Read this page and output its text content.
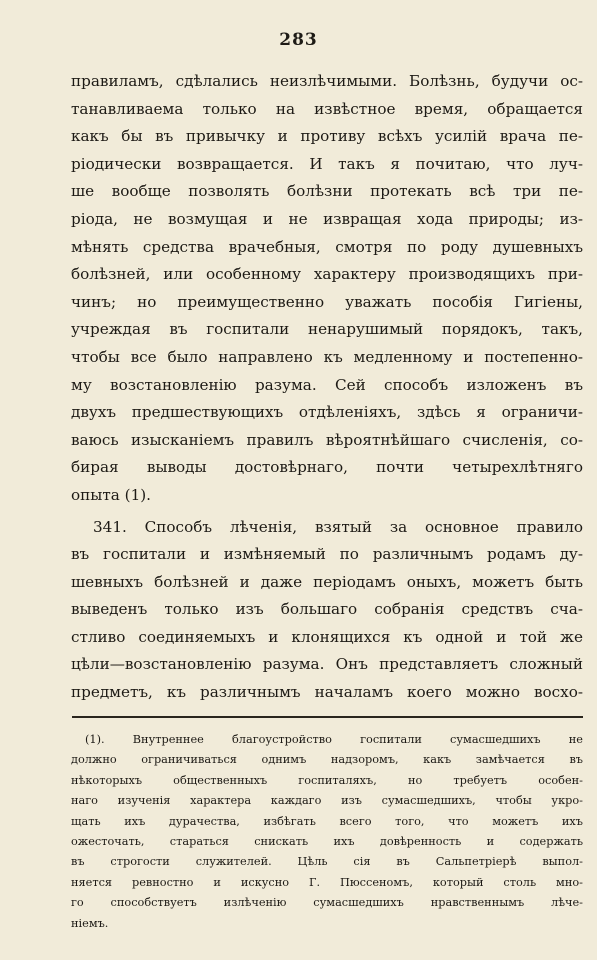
283
правиламъ, сдѣлались неизлѣчимыми. Болѣзнь, будучи ос-
танавливаема только на извѣстное время, обращается
какъ бы въ привычку и противу всѣхъ усилій врача пе-
ріодически возвращается. И такъ я почитаю, что луч-
ше вообще позволять болѣзни протекать всѣ три пе-
ріода, не возмущая и не извращая хода природы; из-
мѣнять средства врачебныя, смотря по роду душевныхъ
болѣзней, или особенному характеру производящихъ при-
чинъ; но преимущественно уважать пособія Гигіены,
учреждая въ госпитали ненарушимый порядокъ, такъ,
чтобы все было направлено къ медленному и постепенно-
му возстановленію разума. Сей способъ изложенъ въ
двухъ предшествующихъ отдѣленіяхъ, здѣсь я ограничи-
ваюсь изысканіемъ правилъ вѣроятнѣйшаго счисленія, со-
бирая выводы достовѣрнаго, почти четырехлѣтняго
опыта (1).
341. Способъ лѣченія, взятый за основное правило
въ госпитали и измѣняемый по различнымъ родамъ ду-
шевныхъ болѣзней и даже періодамъ оныхъ, можетъ быть
выведенъ только изъ большаго собранія средствъ сча-
стливо соединяемыхъ и клонящихся къ одной и той же
цѣли—возстановленію разума. Онъ представляетъ сложный
предметъ, къ различнымъ началамъ коего можно восхо-
(1). Внутреннее благоустройство госпитали сумасшедшихъ не
должно ограничиваться однимъ надзоромъ, какъ замѣчается въ
нѣкоторыхъ общественныхъ госпиталяхъ, но требуетъ особен-
наго изученія характера каждаго изъ сумасшедшихъ, чтобы укро-
щать ихъ дурачества, избѣгать всего того, что можетъ ихъ
ожесточать, стараться снискать ихъ довѣренность и содержать
въ строгости служителей. Цѣль сія въ Сальпетріерѣ выпол-
няется ревностно и искусно Г. Пюссеномъ, который столь мно-
го способствуетъ излѣченію сумасшедшихъ нравственнымъ лѣче-
ніемъ.
